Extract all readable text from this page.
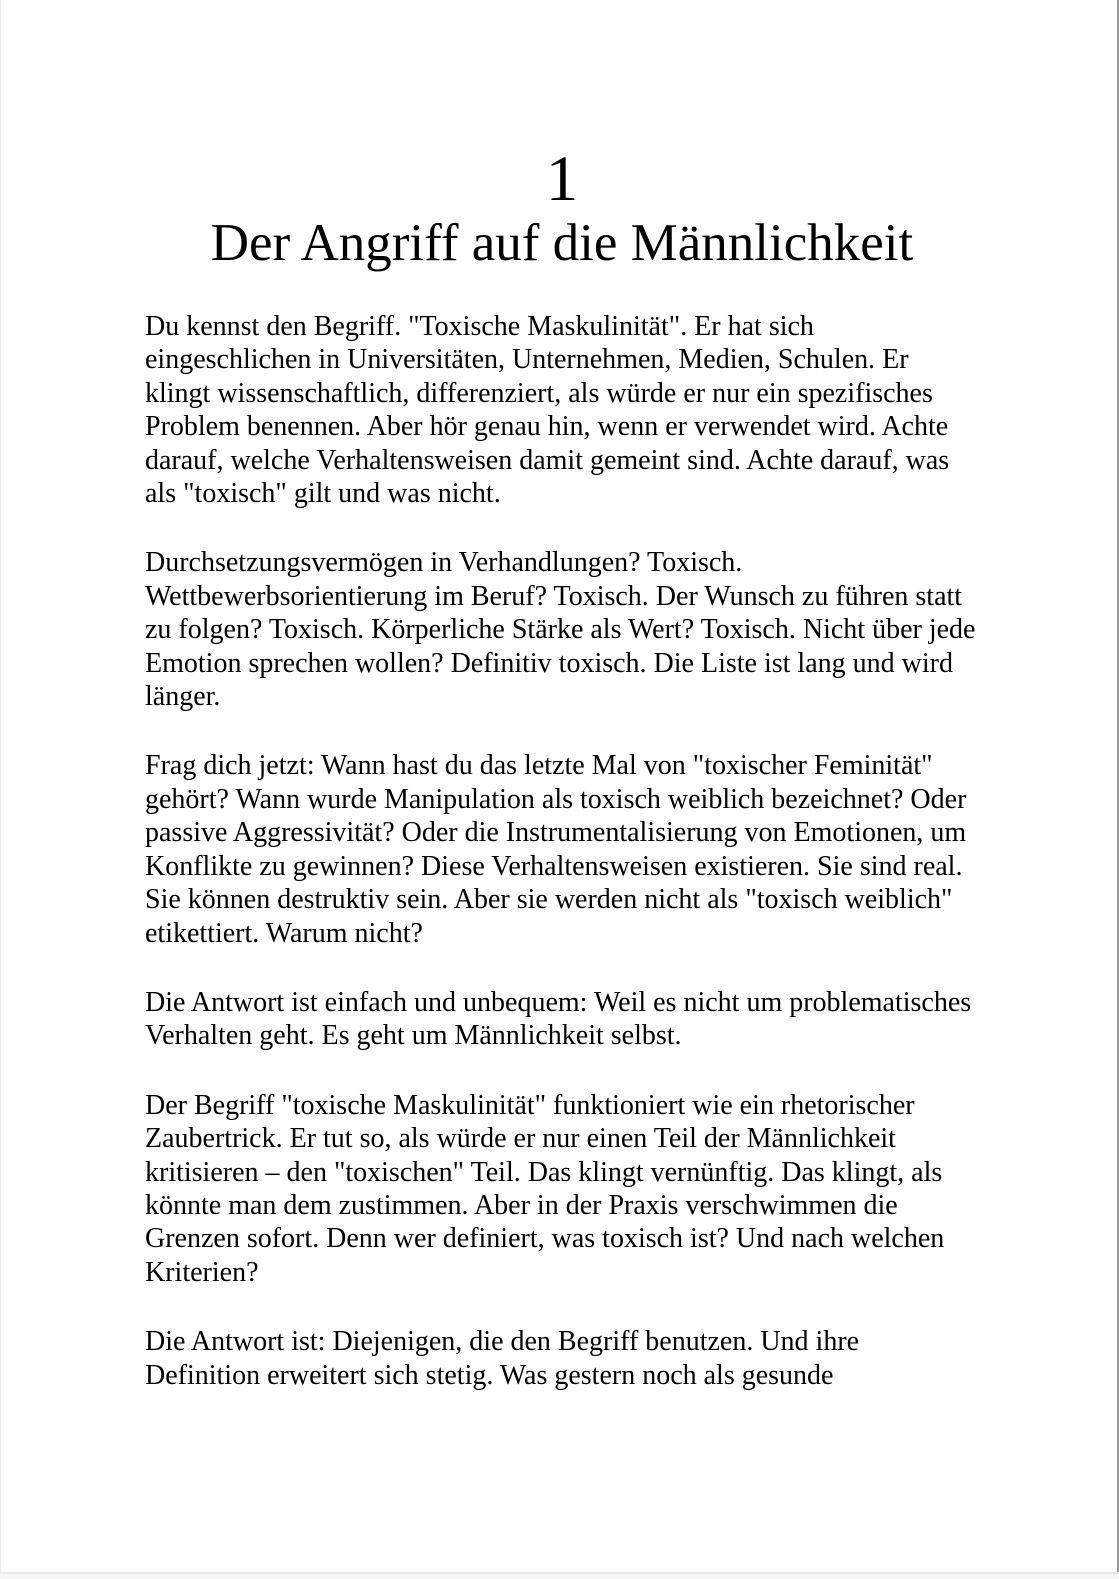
1
Der Angriff auf die Männlichkeit

Du kennst den Begriff. "Toxische Maskulinität". Er hat sich eingeschlichen in Universitäten, Unternehmen, Medien, Schulen. Er klingt wissenschaftlich, differenziert, als würde er nur ein spezifisches Problem benennen. Aber hör genau hin, wenn er verwendet wird. Achte darauf, welche Verhaltensweisen damit gemeint sind. Achte darauf, was als "toxisch" gilt und was nicht.

Durchsetzungsvermögen in Verhandlungen? Toxisch. Wettbewerbsorientierung im Beruf? Toxisch. Der Wunsch zu führen statt zu folgen? Toxisch. Körperliche Stärke als Wert? Toxisch. Nicht über jede Emotion sprechen wollen? Definitiv toxisch. Die Liste ist lang und wird länger.

Frag dich jetzt: Wann hast du das letzte Mal von "toxischer Feminität" gehört? Wann wurde Manipulation als toxisch weiblich bezeichnet? Oder passive Aggressivität? Oder die Instrumentalisierung von Emotionen, um Konflikte zu gewinnen? Diese Verhaltensweisen existieren. Sie sind real. Sie können destruktiv sein. Aber sie werden nicht als "toxisch weiblich" etikettiert. Warum nicht?

Die Antwort ist einfach und unbequem: Weil es nicht um problematisches Verhalten geht. Es geht um Männlichkeit selbst.

Der Begriff "toxische Maskulinität" funktioniert wie ein rhetorischer Zaubertrick. Er tut so, als würde er nur einen Teil der Männlichkeit kritisieren – den "toxischen" Teil. Das klingt vernünftig. Das klingt, als könnte man dem zustimmen. Aber in der Praxis verschwimmen die Grenzen sofort. Denn wer definiert, was toxisch ist? Und nach welchen Kriterien?

Die Antwort ist: Diejenigen, die den Begriff benutzen. Und ihre Definition erweitert sich stetig. Was gestern noch als gesunde
